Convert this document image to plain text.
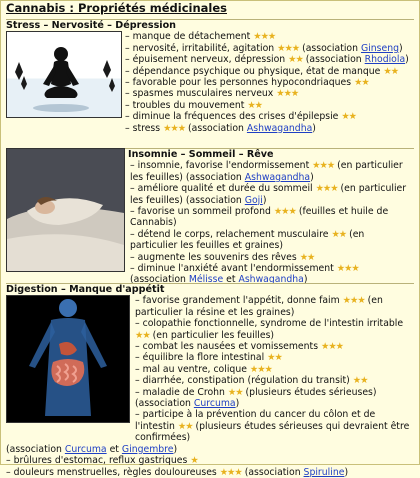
Cannabis : Propriétés médicinales
Stress – Nervosité – Dépression
– manque de détachement ★★★
– nervosité, irritabilité, agitation ★★★ (association Ginseng)
– épuisement nerveux, dépression ★★ (association Rhodiola)
– dépendance psychique ou physique, état de manque ★★
– favorable pour les personnes hypocondriaques ★★
– spasmes musculaires nerveux ★★★
– troubles du mouvement ★★
– diminue la fréquences des crises d'épilepsie ★★
– stress ★★★ (association Ashwagandha)
Insomnie – Sommeil – Rêve
– insomnie, favorise l'endormissement ★★★ (en particulier les feuilles) (association Ashwagandha)
– améliore qualité et durée du sommeil ★★★ (en particulier les feuilles) (association Goji)
– favorise un sommeil profond ★★★ (feuilles et huile de Cannabis)
– détend le corps, relachement musculaire ★★ (en particulier les feuilles et graines)
– augmente les souvenirs des rêves ★★
– diminue l'anxiété avant l'endormissement ★★★ (association Mélisse et Ashwagandha)
Digestion – Manque d'appétit
– favorise grandement l'appétit, donne faim ★★★ (en particulier la résine et les graines)
– colopathie fonctionnelle, syndrome de l'intestin irritable ★★ (en particulier les feuilles)
– combat les nausées et vomissements ★★★
– équilibre la flore intestinal ★★
– mal au ventre, colique ★★★
– diarrhée, constipation (régulation du transit) ★★
– maladie de Crohn ★★ (plusieurs études sérieuses) (association Curcuma)
– participe à la prévention du cancer du côlon et de l'intestin ★★ (plusieurs études sérieuses qui devraient être confirmées)
(association Curcuma et Gingembre)
– brûlures d'estomac, reflux gastriques ★
– douleurs menstruelles, règles douloureuses ★★★ (association Spiruline)
